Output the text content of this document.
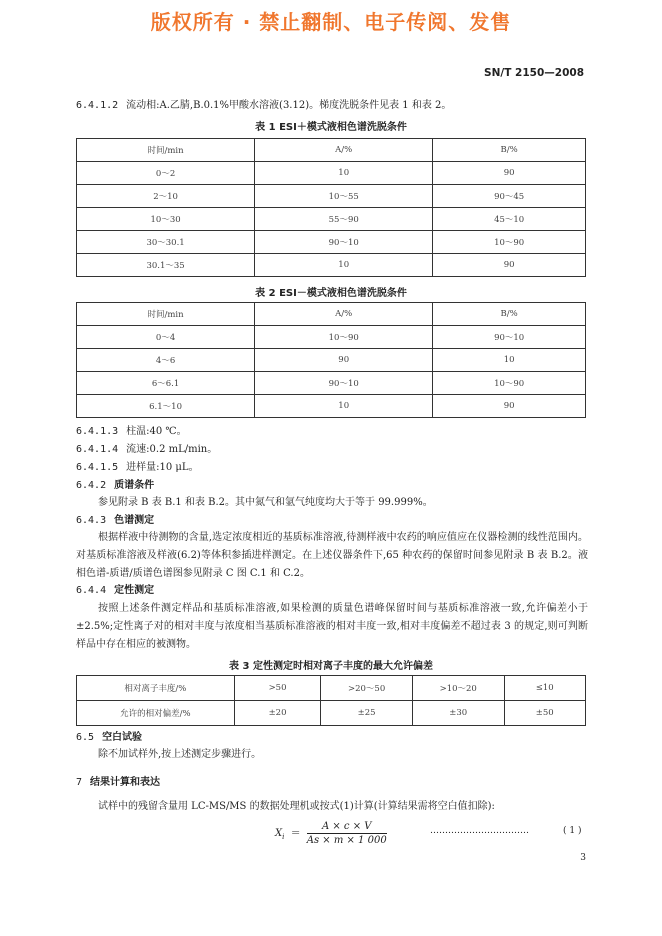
版权所有 · 禁止翻制、电子传阅、发售
SN/T 2150—2008
6.4.1.2 流动相:A.乙腈,B.0.1%甲酸水溶液(3.12)。梯度洗脱条件见表 1 和表 2。
表 1 ESI＋模式液相色谱洗脱条件
时间/min	A/%	B/%
0～2	10	90
2～10	10～55	90～45
10～30	55～90	45～10
30～30.1	90～10	10～90
30.1～35	10	90
表 2 ESI－模式液相色谱洗脱条件
时间/min	A/%	B/%
0～4	10～90	90～10
4～6	90	10
6～6.1	90～10	10～90
6.1～10	10	90
6.4.1.3 柱温:40 ℃。
6.4.1.4 流速:0.2 mL/min。
6.4.1.5 进样量:10 μL。
6.4.2 质谱条件
参见附录 B 表 B.1 和表 B.2。其中氮气和氩气纯度均大于等于 99.999%。
6.4.3 色谱测定
根据样液中待测物的含量,选定浓度相近的基质标准溶液,待测样液中农药的响应值应在仪器检测的线性范围内。对基质标准溶液及样液(6.2)等体积参插进样测定。在上述仪器条件下,65 种农药的保留时间参见附录 B 表 B.2。液相色谱-质谱/质谱色谱图参见附录 C 图 C.1 和 C.2。
6.4.4 定性测定
按照上述条件测定样品和基质标准溶液,如果检测的质量色谱峰保留时间与基质标准溶液一致,允许偏差小于±2.5%;定性离子对的相对丰度与浓度相当基质标准溶液的相对丰度一致,相对丰度偏差不超过表 3 的规定,则可判断样品中存在相应的被测物。
表 3 定性测定时相对离子丰度的最大允许偏差
相对离子丰度/%	>50	>20～50	>10～20	≤10
允许的相对偏差/%	±20	±25	±30	±50
6.5 空白试验
除不加试样外,按上述测定步骤进行。
7 结果计算和表达
试样中的残留含量用 LC-MS/MS 的数据处理机或按式(1)计算(计算结果需将空白值扣除):
$X_i = \frac{A \times c \times V}{As \times m \times 1 000}$	……………………………	( 1 )
3
